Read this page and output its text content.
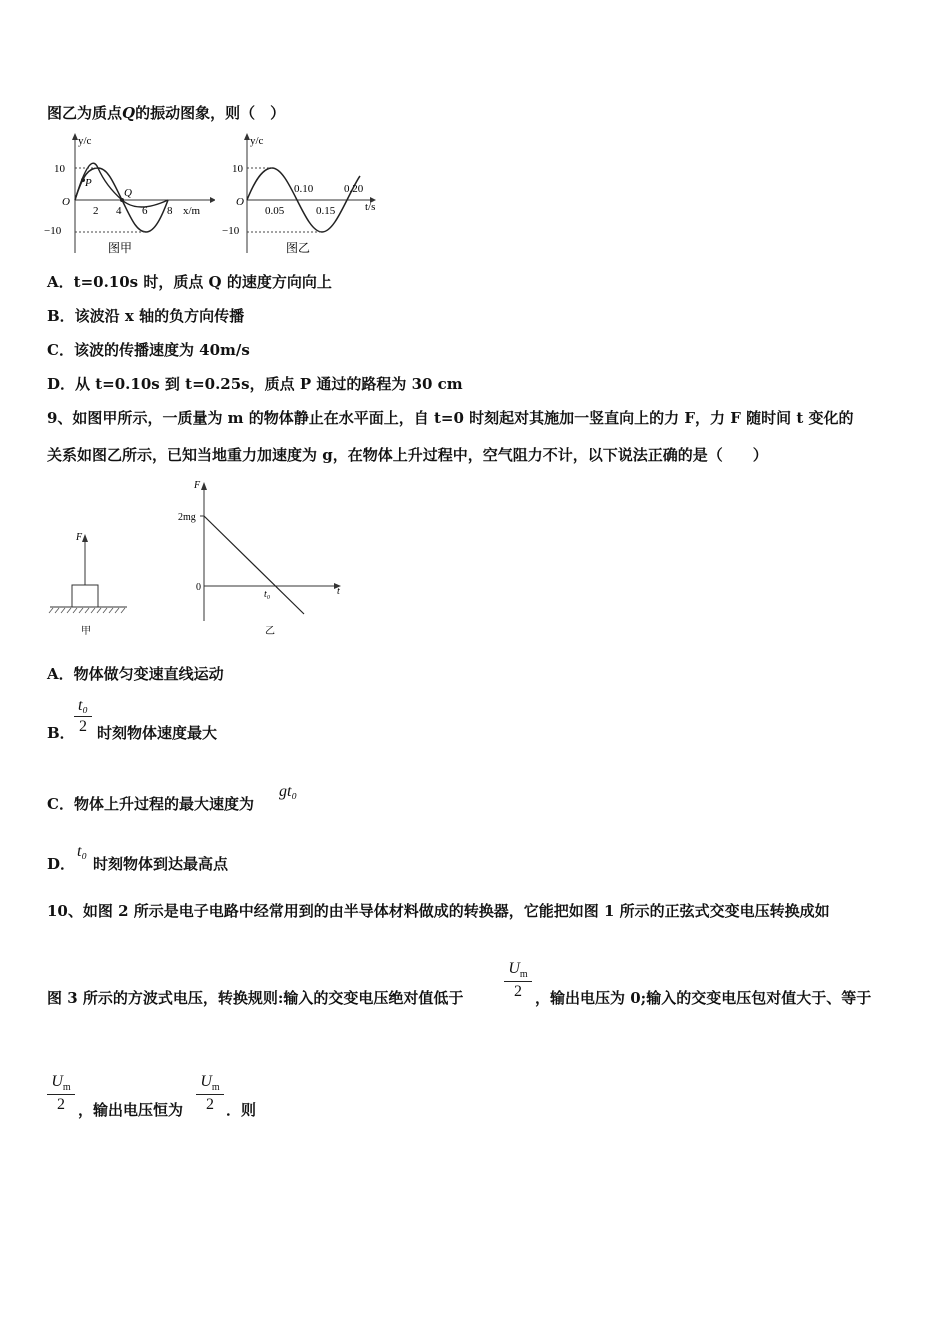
图乙为质点Q的振动图象，则（　）
y/c
10
−10
O
P
Q
2 4 6 8 x/m
图甲
y/c
10
−10
O
0.05	0.15
0.10	0.20
t/s
图乙
A．t=0.10s 时，质点 Q 的速度方向向上
B．该波沿 x 轴的负方向传播
C．该波的传播速度为 40m/s
D．从 t=0.10s 到 t=0.25s，质点 P 通过的路程为 30 cm
9、如图甲所示，一质量为 m 的物体静止在水平面上，自 t=0 时刻起对其施加一竖直向上的力 F，力 F 随时间 t 变化的
关系如图乙所示，已知当地重力加速度为 g，在物体上升过程中，空气阻力不计，以下说法正确的是（　　）
F
甲
F
2mg
0
t₀	t
乙
A．物体做匀变速直线运动
B．
t₀
2 时刻物体速度最大
C．物体上升过程的最大速度为
gt₀
D．
t₀
时刻物体到达最高点
10、如图 2 所示是电子电路中经常用到的由半导体材料做成的转换器，它能把如图 1 所示的正弦式交变电压转换成如
图 3 所示的方波式电压，转换规则:输入的交变电压绝对值低于
$U_m$
2 ，输出电压为 0;输入的交变电压包对值大于、等于
$U_m$
2 ，输出电压恒为
$U_m$
2 ．则
